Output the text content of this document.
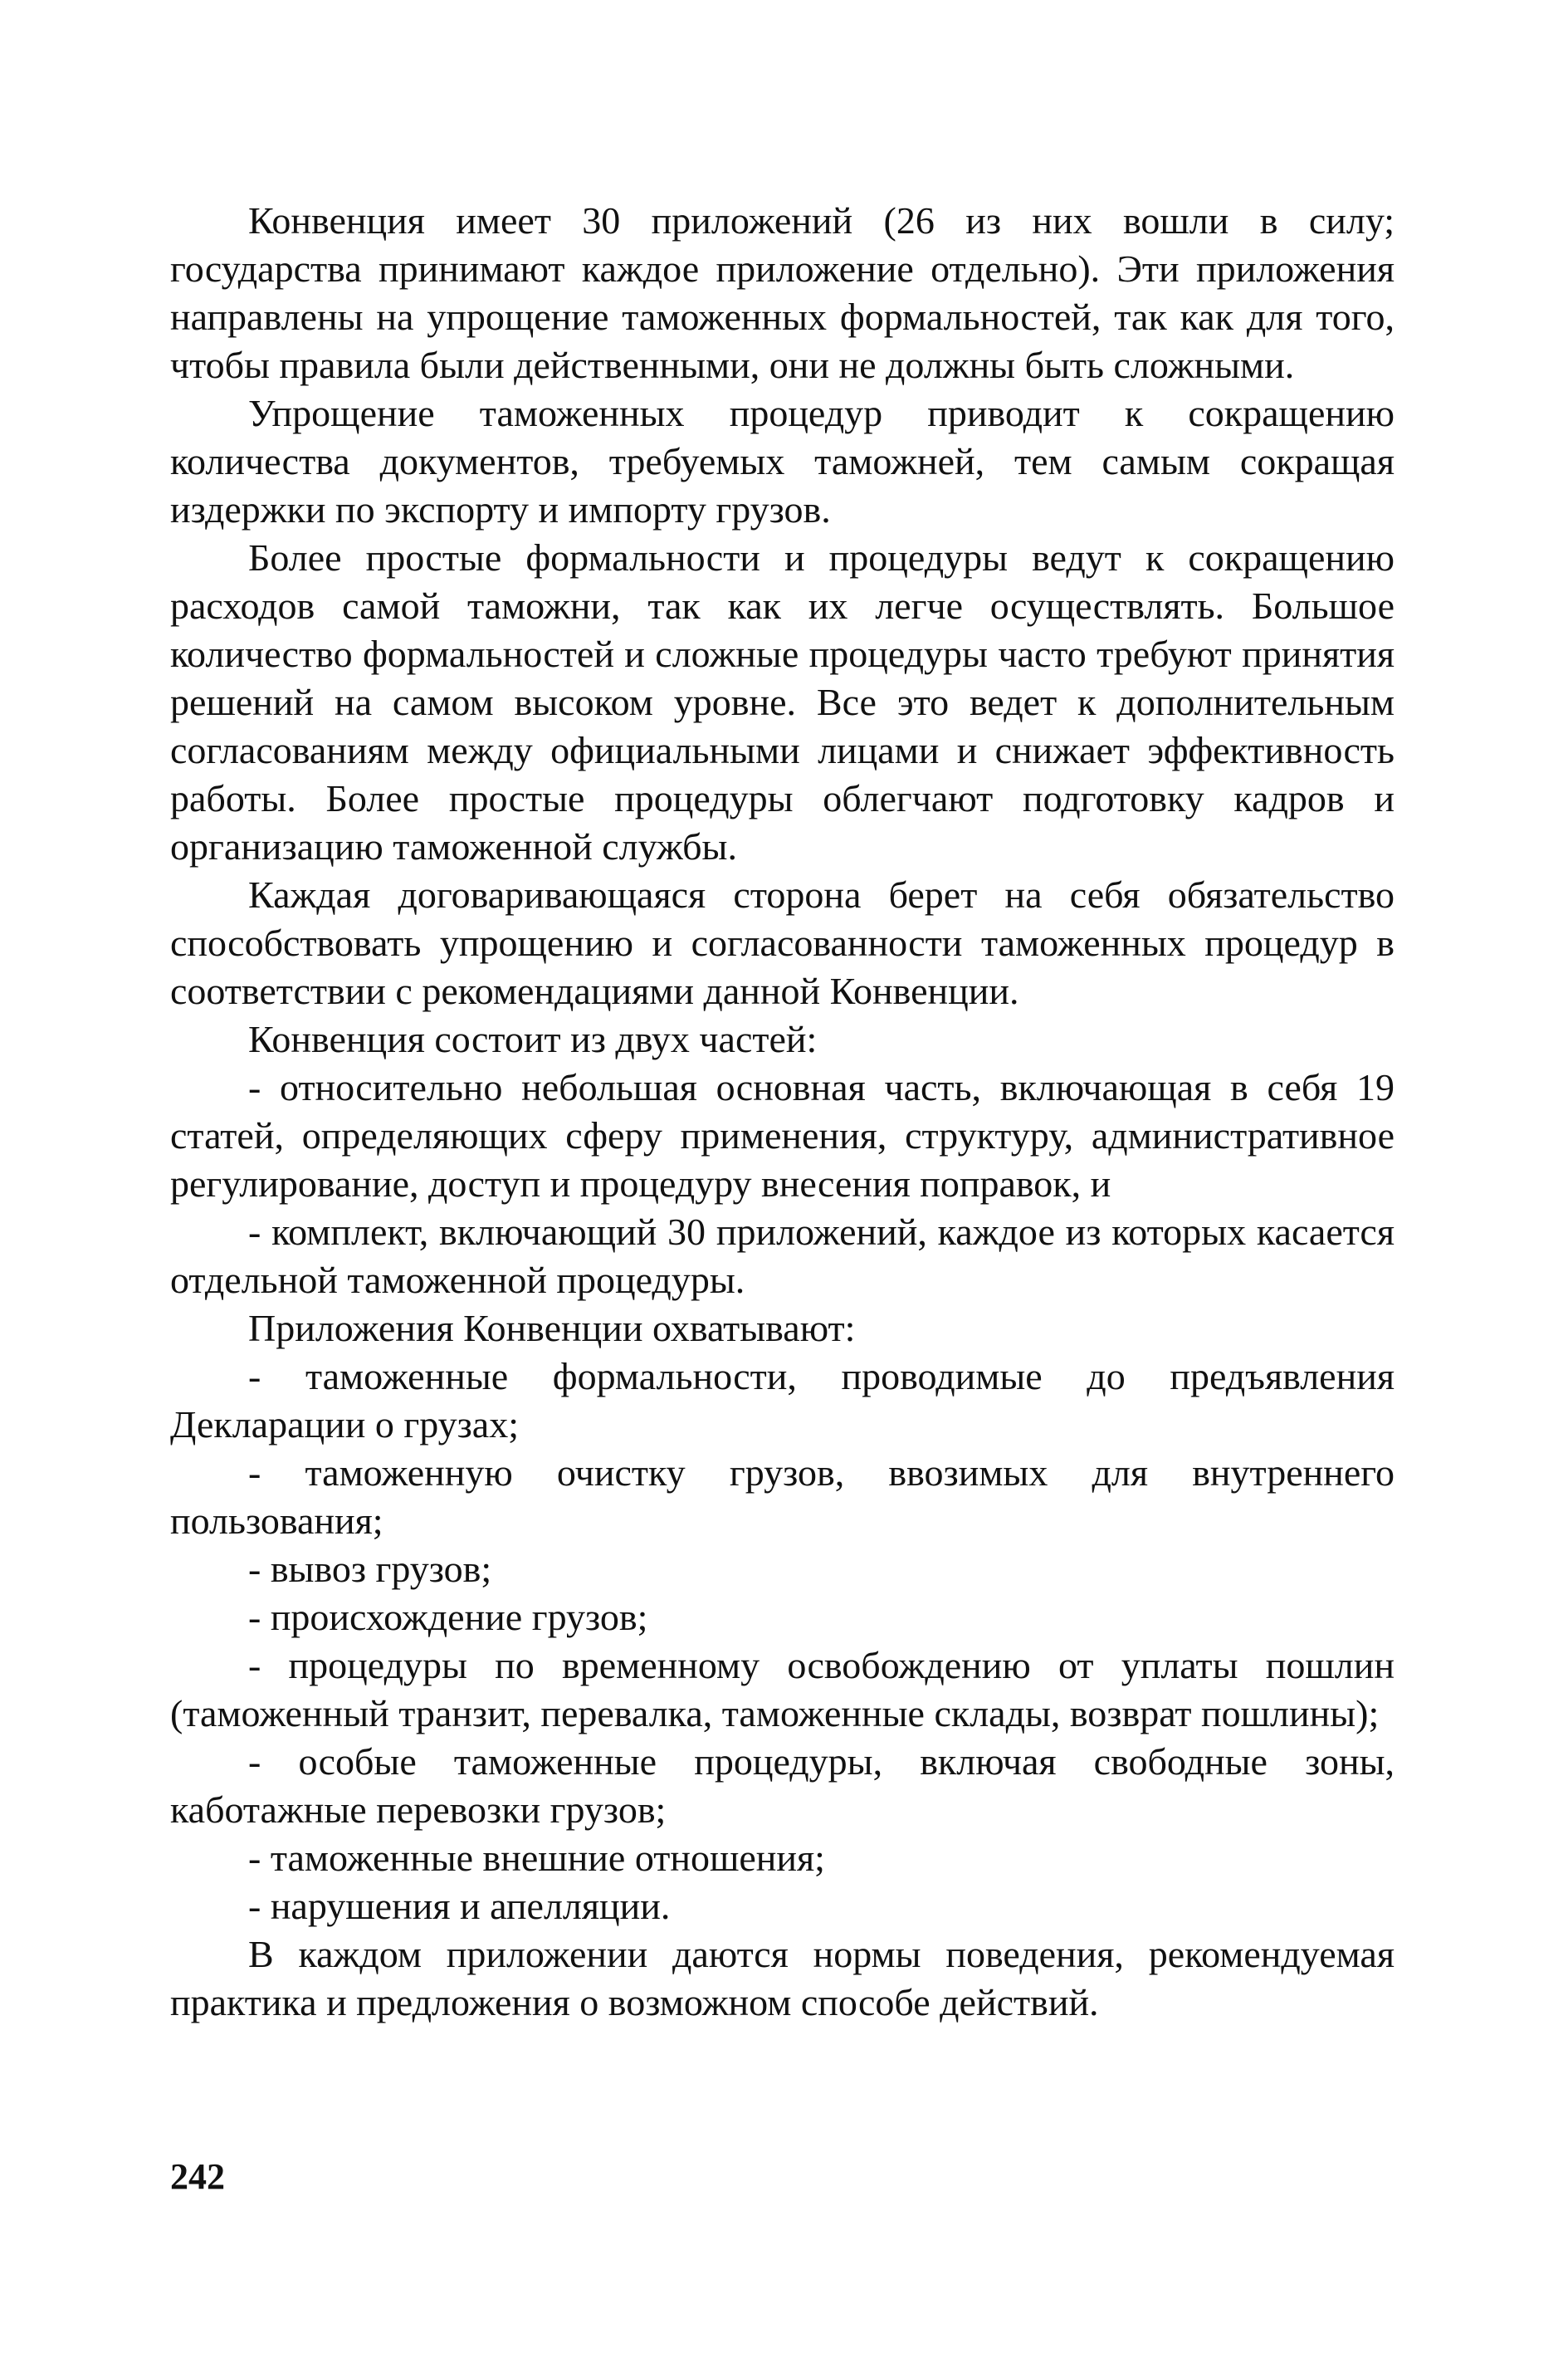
Конвенция имеет 30 приложений (26 из них вошли в силу; государства принимают каждое приложение отдельно). Эти приложения направлены на упрощение таможенных формальностей, так как для того, чтобы правила были действенными, они не должны быть сложными.

Упрощение таможенных процедур приводит к сокращению количества документов, требуемых таможней, тем самым сокращая издержки по экспорту и импорту грузов.

Более простые формальности и процедуры ведут к сокращению расходов самой таможни, так как их легче осуществлять. Большое количество формальностей и сложные процедуры часто требуют принятия решений на самом высоком уровне. Все это ведет к дополнительным согласованиям между официальными лицами и снижает эффективность работы. Более простые процедуры облегчают подготовку кадров и организацию таможенной службы.

Каждая договаривающаяся сторона берет на себя обязательство способствовать упрощению и согласованности таможенных процедур в соответствии с рекомендациями данной Конвенции.

Конвенция состоит из двух частей:

- относительно небольшая основная часть, включающая в себя 19 статей, определяющих сферу применения, структуру, административное регулирование, доступ и процедуру внесения поправок, и

- комплект, включающий 30 приложений, каждое из которых касается отдельной таможенной процедуры.

Приложения Конвенции охватывают:

- таможенные формальности, проводимые до предъявления Декларации о грузах;

- таможенную очистку грузов, ввозимых для внутреннего пользования;

- вывоз грузов;

- происхождение грузов;

- процедуры по временному освобождению от уплаты пошлин (таможенный транзит, перевалка, таможенные склады, возврат пошлины);

- особые таможенные процедуры, включая свободные зоны, каботажные перевозки грузов;

- таможенные внешние отношения;

- нарушения и апелляции.

В каждом приложении даются нормы поведения, рекомендуемая практика и предложения о возможном способе действий.

242
